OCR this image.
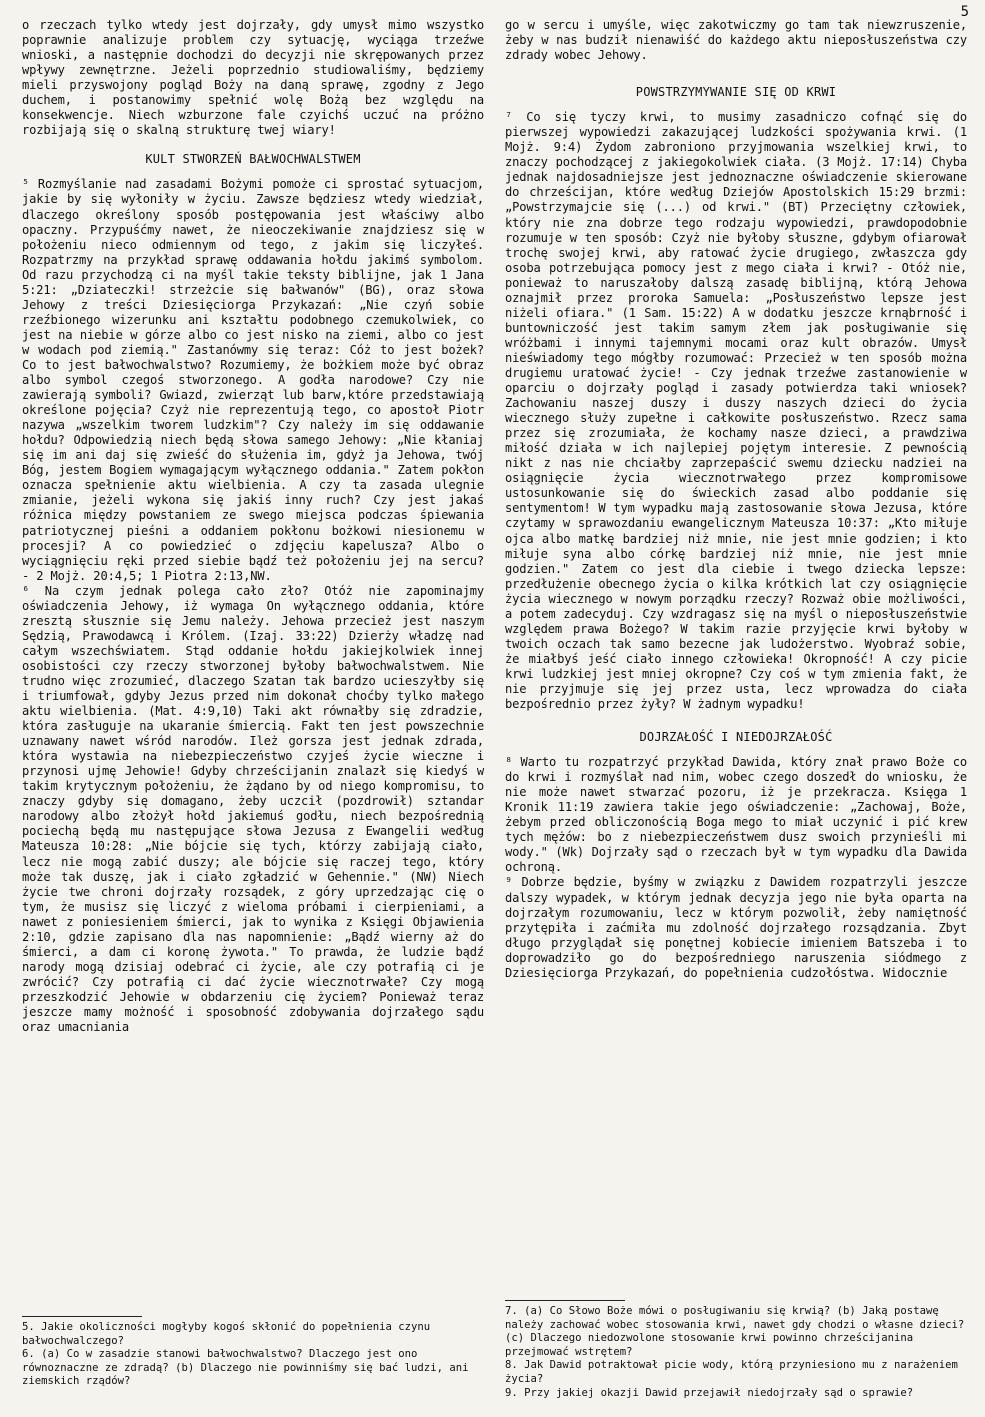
5

o rzeczach tylko wtedy jest dojrzały, gdy umysł mimo wszystko poprawnie analizuje problem czy sytuację, wyciąga trzeźwe wnioski, a następnie dochodzi do decyzji nie skrępowanych przez wpływy zewnętrzne. Jeżeli poprzednio studiowaliśmy, będziemy mieli przyswojony pogląd Boży na daną sprawę, zgodny z Jego duchem, i postanowimy spełnić wolę Bożą bez względu na konsekwencje. Niech wzburzone fale czyichś uczuć na próżno rozbijają się o skalną strukturę twej wiary!

KULT STWORZEŃ BAŁWOCHWALSTWEM

⁵ Rozmyślanie nad zasadami Bożymi pomoże ci sprostać sytuacjom, jakie by się wyłoniły w życiu. Zawsze będziesz wtedy wiedział, dlaczego określony sposób postępowania jest właściwy albo opaczny. Przypuśćmy nawet, że nieoczekiwanie znajdziesz się w położeniu nieco odmiennym od tego, z jakim się liczyłeś. Rozpatrzmy na przykład sprawę oddawania hołdu jakimś symbolom. Od razu przychodzą ci na myśl takie teksty biblijne, jak 1 Jana 5:21: „Dziateczki! strzeżcie się bałwanów" (BG), oraz słowa Jehowy z treści Dziesięciorga Przykazań: „Nie czyń sobie rzeźbionego wizerunku ani kształtu podobnego czemukolwiek, co jest na niebie w górze albo co jest nisko na ziemi, albo co jest w wodach pod ziemią." Zastanówmy się teraz: Cóż to jest bożek? Co to jest bałwochwalstwo? Rozumiemy, że bożkiem może być obraz albo symbol czegoś stworzonego. A godła narodowe? Czy nie zawierają symboli? Gwiazd, zwierząt lub barw,które przedstawiają określone pojęcia? Czyż nie reprezentują tego, co apostoł Piotr nazywa „wszelkim tworem ludzkim"? Czy należy im się oddawanie hołdu? Odpowiedzią niech będą słowa samego Jehowy: „Nie kłaniaj się im ani daj się zwieść do służenia im, gdyż ja Jehowa, twój Bóg, jestem Bogiem wymagającym wyłącznego oddania." Zatem pokłon oznacza spełnienie aktu wielbienia. A czy ta zasada ulegnie zmianie, jeżeli wykona się jakiś inny ruch? Czy jest jakaś różnica między powstaniem ze swego miejsca podczas śpiewania patriotycznej pieśni a oddaniem pokłonu bożkowi niesionemu w procesji? A co powiedzieć o zdjęciu kapelusza? Albo o wyciągnięciu ręki przed siebie bądź też położeniu jej na sercu? - 2 Mojż. 20:4,5; 1 Piotra 2:13,NW.

⁶ Na czym jednak polega cało zło? Otóż nie zapominajmy oświadczenia Jehowy, iż wymaga On wyłącznego oddania, które zresztą słusznie się Jemu należy. Jehowa przecież jest naszym Sędzią, Prawodawcą i Królem. (Izaj. 33:22) Dzierży władzę nad całym wszechświatem. Stąd oddanie hołdu jakiejkolwiek innej osobistości czy rzeczy stworzonej byłoby bałwochwalstwem. Nie trudno więc zrozumieć, dlaczego Szatan tak bardzo ucieszyłby się i triumfował, gdyby Jezus przed nim dokonał choćby tylko małego aktu wielbienia. (Mat. 4:9,10) Taki akt równałby się zdradzie, która zasługuje na ukaranie śmiercią. Fakt ten jest powszechnie uznawany nawet wśród narodów. Ileż gorsza jest jednak zdrada, która wystawia na niebezpieczeństwo czyjeś życie wieczne i przynosi ujmę Jehowie! Gdyby chrześcijanin znalazł się kiedyś w takim krytycznym położeniu, że żądano by od niego kompromisu, to znaczy gdyby się domagano, żeby uczcił (pozdrowił) sztandar narodowy albo złożył hołd jakiemuś godłu, niech bezpośrednią pociechą będą mu następujące słowa Jezusa z Ewangelii według Mateusza 10:28: „Nie bójcie się tych, którzy zabijają ciało, lecz nie mogą zabić duszy; ale bójcie się raczej tego, który może tak duszę, jak i ciało zgładzić w Gehennie." (NW) Niech życie twe chroni dojrzały rozsądek, z góry uprzedzając cię o tym, że musisz się liczyć z wieloma próbami i cierpieniami, a nawet z poniesieniem śmierci, jak to wynika z Księgi Objawienia 2:10, gdzie zapisano dla nas napomnienie: „Bądź wierny aż do śmierci, a dam ci koronę żywota." To prawda, że ludzie bądź narody mogą dzisiaj odebrać ci życie, ale czy potrafią ci je zwrócić? Czy potrafią ci dać życie wiecznotrwałe? Czy mogą przeszkodzić Jehowie w obdarzeniu cię życiem? Ponieważ teraz jeszcze mamy możność i sposobność zdobywania dojrzałego sądu oraz umacniania

5. Jakie okoliczności mogłyby kogoś skłonić do popełnienia czynu bałwochwalczego?
6. (a) Co w zasadzie stanowi bałwochwalstwo? Dlaczego jest ono równoznaczne ze zdradą? (b) Dlaczego nie powinniśmy się bać ludzi, ani ziemskich rządów?

go w sercu i umyśle, więc zakotwiczmy go tam tak niewzruszenie, żeby w nas budził nienawiść do każdego aktu nieposłuszeństwa czy zdrady wobec Jehowy.

POWSTRZYMYWANIE SIĘ OD KRWI

⁷ Co się tyczy krwi, to musimy zasadniczo cofnąć się do pierwszej wypowiedzi zakazującej ludzkości spożywania krwi. (1 Mojż. 9:4) Żydom zabroniono przyjmowania wszelkiej krwi, to znaczy pochodzącej z jakiegokolwiek ciała. (3 Mojż. 17:14) Chyba jednak najdosadniejsze jest jednoznaczne oświadczenie skierowane do chrześcijan, które według Dziejów Apostolskich 15:29 brzmi: „Powstrzymajcie się (...) od krwi." (BT) Przeciętny człowiek, który nie zna dobrze tego rodzaju wypowiedzi, prawdopodobnie rozumuje w ten sposób: Czyż nie byłoby słuszne, gdybym ofiarował trochę swojej krwi, aby ratować życie drugiego, zwłaszcza gdy osoba potrzebująca pomocy jest z mego ciała i krwi? - Otóż nie, ponieważ to naruszałoby dalszą zasadę biblijną, którą Jehowa oznajmił przez proroka Samuela: „Posłuszeństwo lepsze jest niżeli ofiara." (1 Sam. 15:22) A w dodatku jeszcze krnąbrność i buntowniczość jest takim samym złem jak posługiwanie się wróżbami i innymi tajemnymi mocami oraz kult obrazów. Umysł nieświadomy tego mógłby rozumować: Przecież w ten sposób można drugiemu uratować życie! - Czy jednak trzeźwe zastanowienie w oparciu o dojrzały pogląd i zasady potwierdza taki wniosek? Zachowaniu naszej duszy i duszy naszych dzieci do życia wiecznego służy zupełne i całkowite posłuszeństwo. Rzecz sama przez się zrozumiała, że kochamy nasze dzieci, a prawdziwa miłość działa w ich najlepiej pojętym interesie. Z pewnością nikt z nas nie chciałby zaprzepaścić swemu dziecku nadziei na osiągnięcie życia wiecznotrwałego przez kompromisowe ustosunkowanie się do świeckich zasad albo poddanie się sentymentom! W tym wypadku mają zastosowanie słowa Jezusa, które czytamy w sprawozdaniu ewangelicznym Mateusza 10:37: „Kto miłuje ojca albo matkę bardziej niż mnie, nie jest mnie godzien; i kto miłuje syna albo córkę bardziej niż mnie, nie jest mnie godzien." Zatem co jest dla ciebie i twego dziecka lepsze: przedłużenie obecnego życia o kilka krótkich lat czy osiągnięcie życia wiecznego w nowym porządku rzeczy? Rozważ obie możliwości, a potem zadecyduj. Czy wzdragasz się na myśl o nieposłuszeństwie względem prawa Bożego? W takim razie przyjęcie krwi byłoby w twoich oczach tak samo bezecne jak ludożerstwo. Wyobraź sobie, że miałbyś jeść ciało innego człowieka! Okropność! A czy picie krwi ludzkiej jest mniej okropne? Czy coś w tym zmienia fakt, że nie przyjmuje się jej przez usta, lecz wprowadza do ciała bezpośrednio przez żyły? W żadnym wypadku!

DOJRZAŁOŚĆ I NIEDOJRZAŁOŚĆ

⁸ Warto tu rozpatrzyć przykład Dawida, który znał prawo Boże co do krwi i rozmyślał nad nim, wobec czego doszedł do wniosku, że nie może nawet stwarzać pozoru, iż je przekracza. Księga 1 Kronik 11:19 zawiera takie jego oświadczenie: „Zachowaj, Boże, żebym przed obliczonością Boga mego to miał uczynić i pić krew tych mężów: bo z niebezpieczeństwem dusz swoich przynieśli mi wody." (Wk) Dojrzały sąd o rzeczach był w tym wypadku dla Dawida ochroną.

⁹ Dobrze będzie, byśmy w związku z Dawidem rozpatrzyli jeszcze dalszy wypadek, w którym jednak decyzja jego nie była oparta na dojrzałym rozumowaniu, lecz w którym pozwolił, żeby namiętność przytępiła i zaćmiła mu zdolność dojrzałego rozsądzania. Zbyt długo przyglądał się ponętnej kobiecie imieniem Batszeba i to doprowadziło go do bezpośredniego naruszenia siódmego z Dziesięciorga Przykazań, do popełnienia cudzołóstwa. Widocznie

7. (a) Co Słowo Boże mówi o posługiwaniu się krwią? (b) Jaką postawę należy zachować wobec stosowania krwi, nawet gdy chodzi o własne dzieci? (c) Dlaczego niedozwolone stosowanie krwi powinno chrześcijanina przejmować wstrętem?
8. Jak Dawid potraktował picie wody, którą przyniesiono mu z narażeniem życia?
9. Przy jakiej okazji Dawid przejawił niedojrzały sąd o sprawie?
